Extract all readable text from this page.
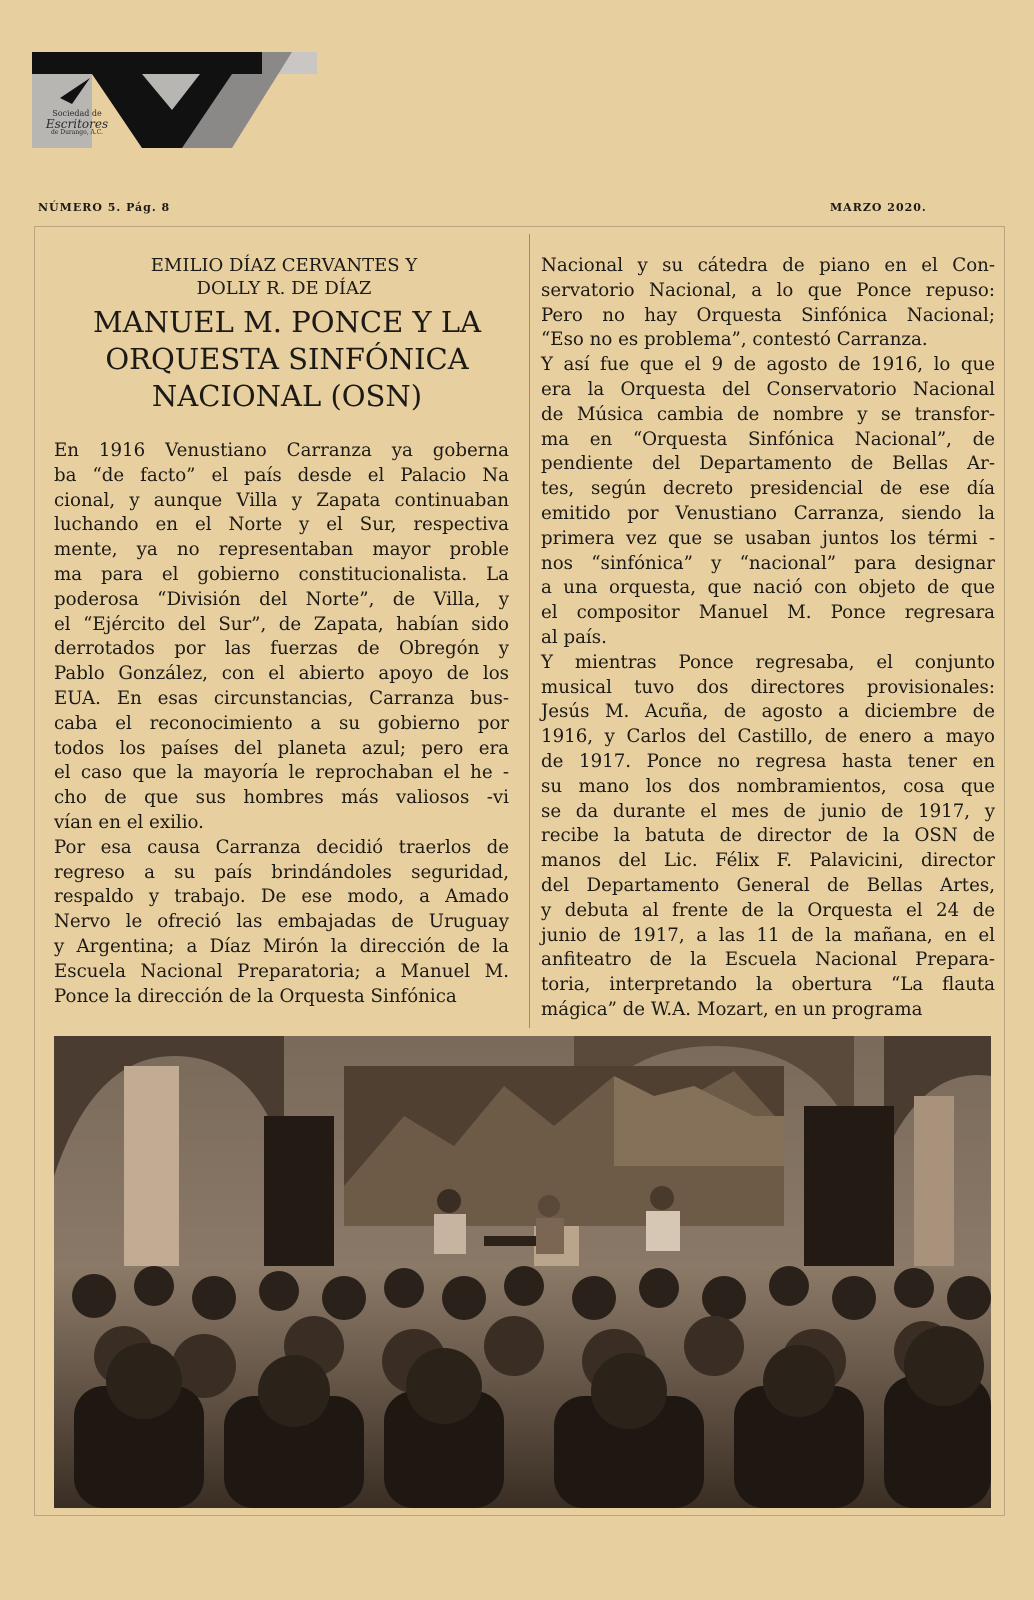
Sociedad de
Escritores
de Durango, A.C.
NÚMERO 5. Pág. 8	MARZO 2020.
EMILIO DÍAZ CERVANTES Y
DOLLY R. DE DÍAZ
MANUEL M. PONCE Y LA
ORQUESTA SINFÓNICA
NACIONAL (OSN)

En 1916 Venustiano Carranza ya goberna
ba “de facto” el país desde el Palacio Na
cional, y aunque Villa y Zapata continuaban
luchando en el Norte y el Sur, respectiva
mente, ya no representaban mayor proble
ma para el gobierno constitucionalista. La
poderosa “División del Norte”, de Villa, y
el “Ejército del Sur”, de Zapata, habían sido
derrotados por las fuerzas de Obregón y
Pablo González, con el abierto apoyo de los
EUA. En esas circunstancias, Carranza bus-
caba el reconocimiento a su gobierno por
todos los países del planeta azul; pero era
el caso que la mayoría le reprochaban el he -
cho de que sus hombres más valiosos -vi
vían en el exilio.

Por esa causa Carranza decidió traerlos de
regreso a su país brindándoles seguridad,
respaldo y trabajo. De ese modo, a Amado
Nervo le ofreció las embajadas de Uruguay
y Argentina; a Díaz Mirón la dirección de la
Escuela Nacional Preparatoria; a Manuel M.
Ponce la dirección de la Orquesta Sinfónica

Nacional y su cátedra de piano en el Con-
servatorio Nacional, a lo que Ponce repuso:
Pero no hay Orquesta Sinfónica Nacional;
“Eso no es problema”, contestó Carranza.

Y así fue que el 9 de agosto de 1916, lo que
era la Orquesta del Conservatorio Nacional
de Música cambia de nombre y se transfor-
ma en “Orquesta Sinfónica Nacional”, de
pendiente del Departamento de Bellas Ar-
tes, según decreto presidencial de ese día
emitido por Venustiano Carranza, siendo la
primera vez que se usaban juntos los térmi -
nos “sinfónica” y “nacional” para designar
a una orquesta, que nació con objeto de que
el compositor Manuel M. Ponce regresara
al país.

Y mientras Ponce regresaba, el conjunto
musical tuvo dos directores provisionales:
Jesús M. Acuña, de agosto a diciembre de
1916, y Carlos del Castillo, de enero a mayo
de 1917. Ponce no regresa hasta tener en
su mano los dos nombramientos, cosa que
se da durante el mes de junio de 1917, y
recibe la batuta de director de la OSN de
manos del Lic. Félix F. Palavicini, director
del Departamento General de Bellas Artes,
y debuta al frente de la Orquesta el 24 de
junio de 1917, a las 11 de la mañana, en el
anfiteatro de la Escuela Nacional Prepara-
toria, interpretando la obertura “La flauta
mágica” de W.A. Mozart, en un programa
